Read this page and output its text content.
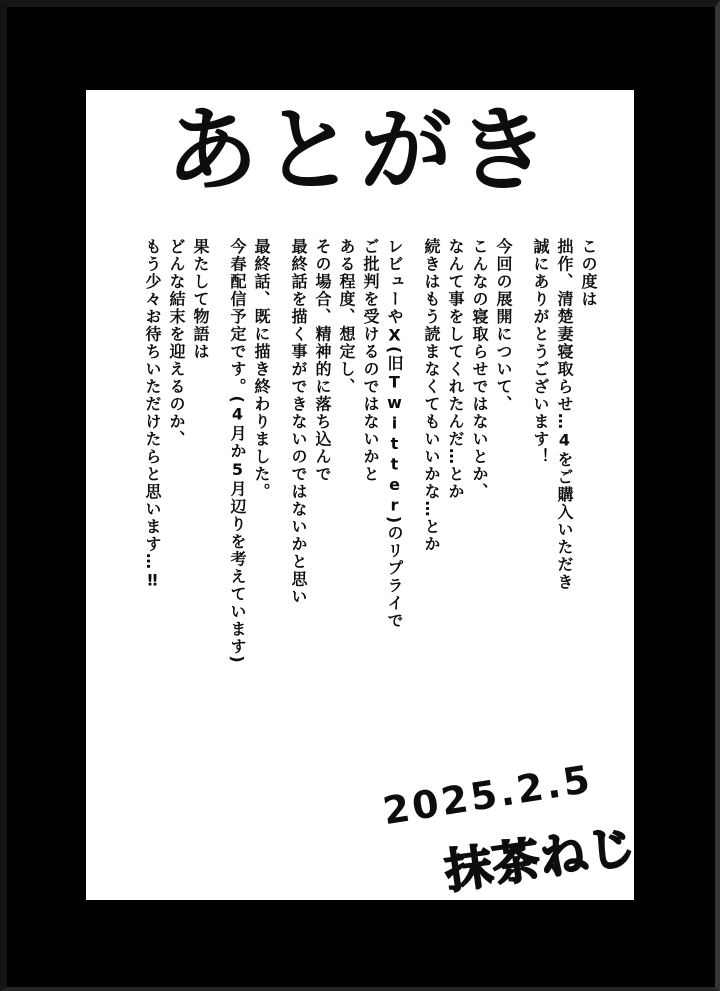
あとがき

この度は

拙作、清楚妻寝取らせ…4をご購入いただき

誠にありがとうございます！

今回の展開について、

こんなの寝取らせではないとか、

なんて事をしてくれたんだ…とか

続きはもう読まなくてもいいかな…とか

レビューやX(旧Twitter)のリプライで

ご批判を受けるのではないかと

ある程度、想定し、

その場合、精神的に落ち込んで

最終話を描く事ができないのではないかと思い

最終話、既に描き終わりました。

今春配信予定です。(4月か5月辺りを考えています)

果たして物語は

どんな結末を迎えるのか、

もう少々お待ちいただけたらと思います…‼

2025.2.5
抹茶ねじ
